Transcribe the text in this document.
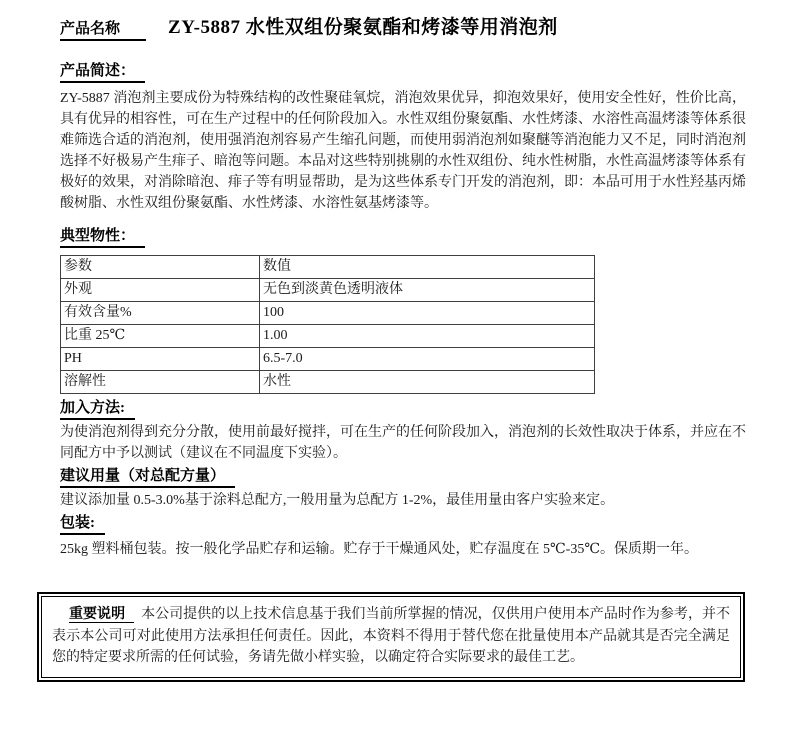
产品名称	ZY-5887 水性双组份聚氨酯和烤漆等用消泡剂
产品简述：

ZY-5887 消泡剂主要成份为特殊结构的改性聚硅氧烷，消泡效果优异，抑泡效果好，使用安全性好，性价比高，具有优异的相容性，可在生产过程中的任何阶段加入。水性双组份聚氨酯、水性烤漆、水溶性高温烤漆等体系很难筛选合适的消泡剂，使用强消泡剂容易产生缩孔问题，而使用弱消泡剂如聚醚等消泡能力又不足，同时消泡剂选择不好极易产生痱子、暗泡等问题。本品对这些特别挑剔的水性双组份、纯水性树脂，水性高温烤漆等体系有极好的效果，对消除暗泡、痱子等有明显帮助，是为这些体系专门开发的消泡剂，即：本品可用于水性羟基丙烯酸树脂、水性双组份聚氨酯、水性烤漆、水溶性氨基烤漆等。

典型物性：
参数	数值
外观	无色到淡黄色透明液体
有效含量%	100
比重 25℃	1.00
PH	6.5-7.0
溶解性	水性
加入方法:

为使消泡剂得到充分分散，使用前最好搅拌，可在生产的任何阶段加入，消泡剂的长效性取决于体系，并应在不同配方中予以测试（建议在不同温度下实验）。

建议用量（对总配方量）

建议添加量 0.5-3.0%基于涂料总配方,一般用量为总配方 1-2%，最佳用量由客户实验来定。

包装:

25kg 塑料桶包装。按一般化学品贮存和运输。贮存于干燥通风处，贮存温度在 5℃-35℃。保质期一年。

重要说明 本公司提供的以上技术信息基于我们当前所掌握的情况，仅供用户使用本产品时作为参考，并不表示本公司可对此使用方法承担任何责任。因此，本资料不得用于替代您在批量使用本产品就其是否完全满足您的特定要求所需的任何试验，务请先做小样实验，以确定符合实际要求的最佳工艺。
